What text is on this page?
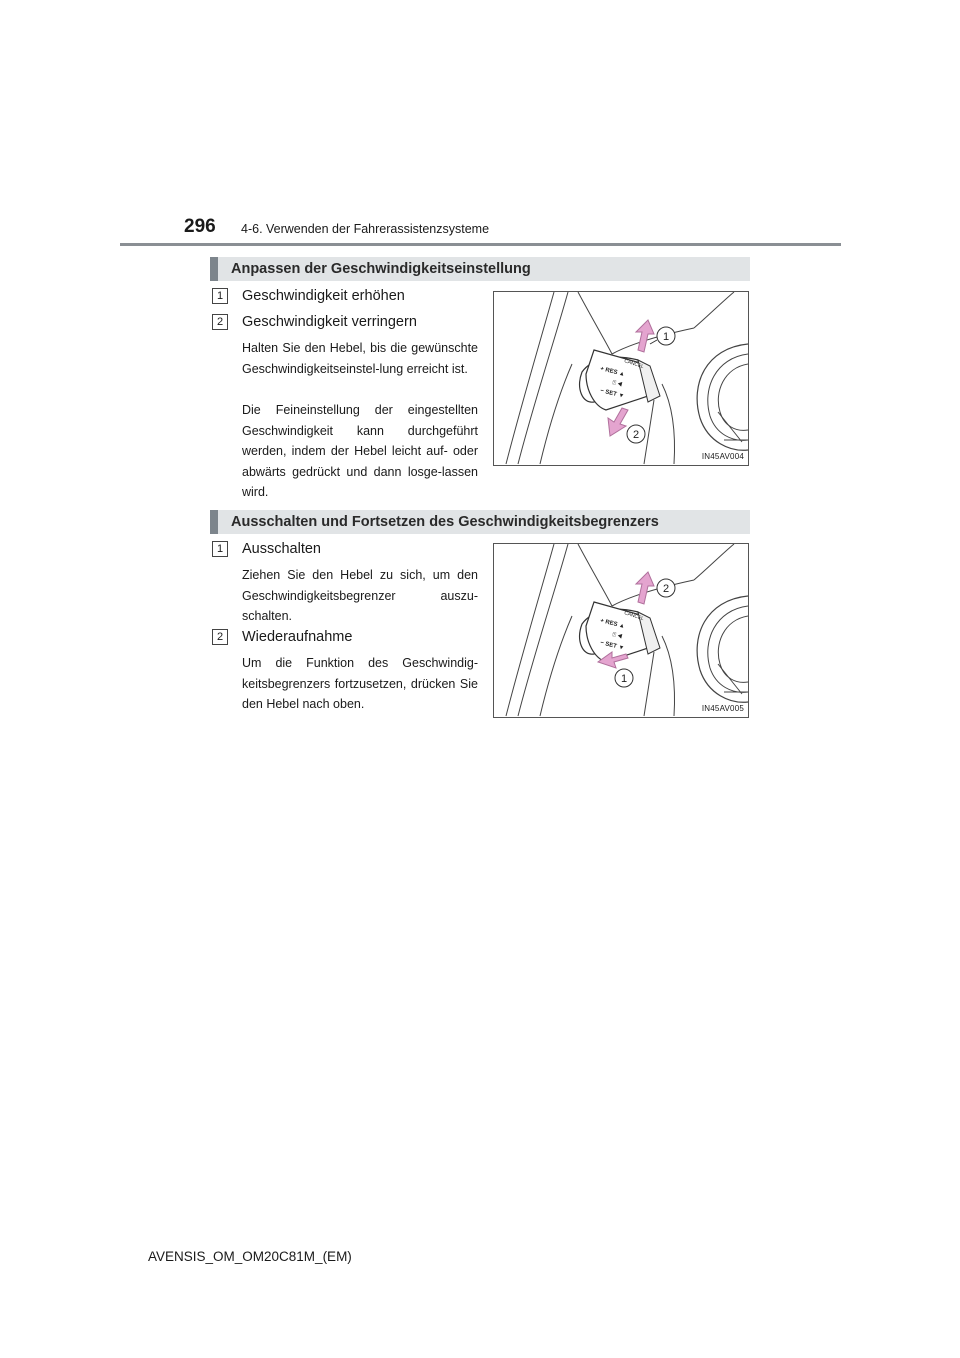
296 4-6. Verwenden der Fahrerassistenzsysteme
Anpassen der Geschwindigkeitseinstellung
1	Geschwindigkeit erhöhen
2	Geschwindigkeit verringern
Halten Sie den Hebel, bis die gewünschte Geschwindigkeitseinstel-lung erreicht ist.
Die Feineinstellung der eingestellten Geschwindigkeit kann durchgeführt werden, indem der Hebel leicht auf- oder abwärts gedrückt und dann losge-lassen wird.
CANCEL
+ RES ▲
⍰ ◀
− SET ▼
1
2
IN45AV004
Ausschalten und Fortsetzen des Geschwindigkeitsbegrenzers
1	Ausschalten
Ziehen Sie den Hebel zu sich, um den Geschwindigkeitsbegrenzer auszu-schalten.
2	Wiederaufnahme
Um die Funktion des Geschwindig-keitsbegrenzers fortzusetzen, drücken Sie den Hebel nach oben.
CANCEL
+ RES ▲
⍰ ◀
− SET ▼
2
1
IN45AV005
AVENSIS_OM_OM20C81M_(EM)
